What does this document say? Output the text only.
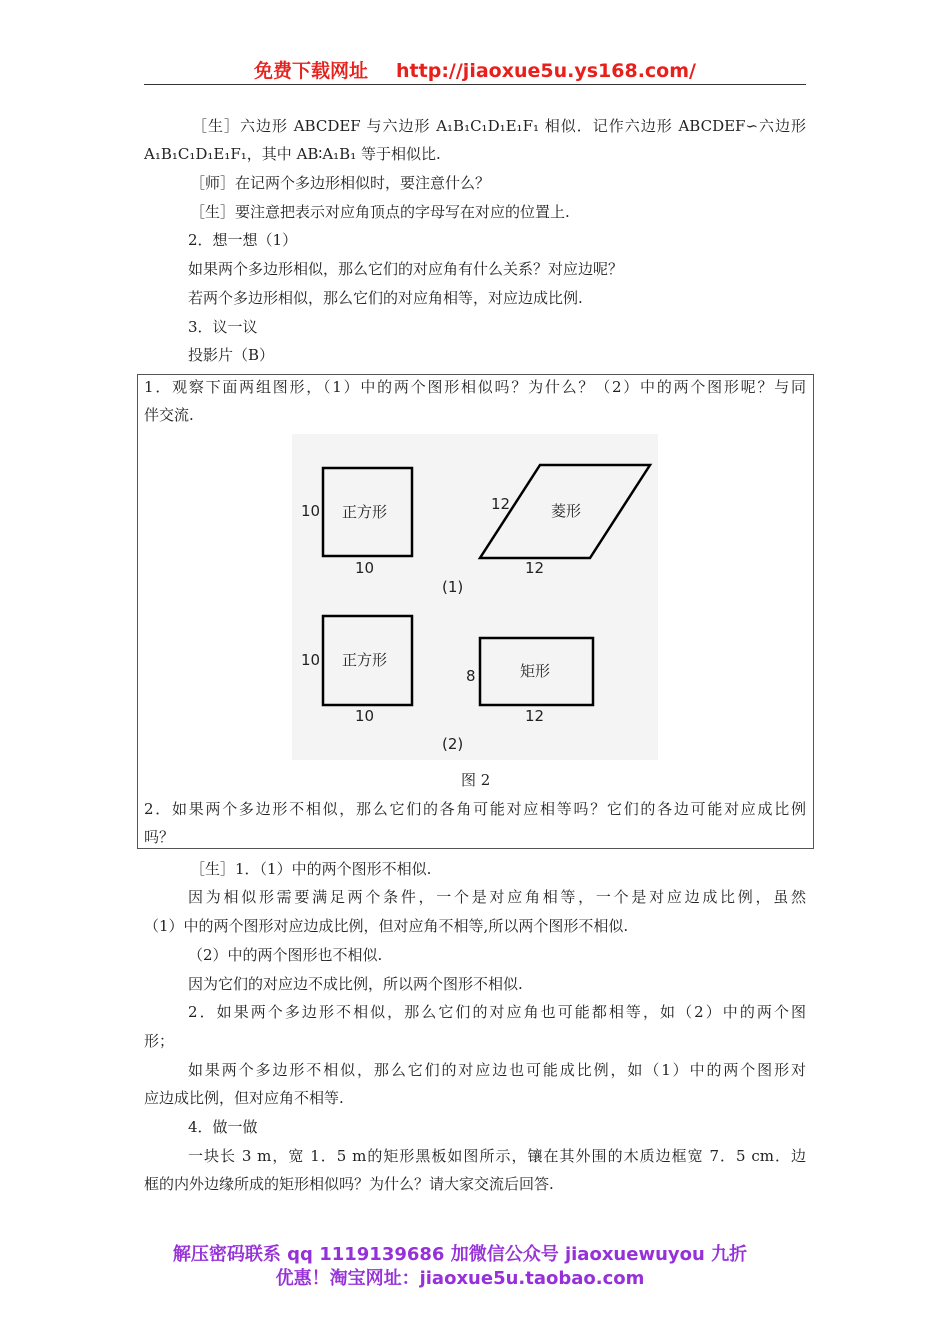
免费下载网址 http://jiaoxue5u.ys168.com/
［生］六边形 ABCDEF 与六边形 A₁B₁C₁D₁E₁F₁ 相似．记作六边形 ABCDEF∽六边形
A₁B₁C₁D₁E₁F₁，其中 AB∶A₁B₁ 等于相似比.
［师］在记两个多边形相似时，要注意什么？
［生］要注意把表示对应角顶点的字母写在对应的位置上.
2．想一想（1）
如果两个多边形相似，那么它们的对应角有什么关系？对应边呢？
若两个多边形相似，那么它们的对应角相等，对应边成比例.
3．议一议
投影片（B）
1．观察下面两组图形，（1）中的两个图形相似吗？为什么？（2）中的两个图形呢？与同
伴交流.
10
10
正方形	12	菱形
12
(1)
10
10
正方形
8	矩形
12
(2)
图 2
2．如果两个多边形不相似，那么它们的各角可能对应相等吗？它们的各边可能对应成比例
吗？
［生］1．（1）中的两个图形不相似.
因为相似形需要满足两个条件，一个是对应角相等，一个是对应边成比例，虽然
（1）中的两个图形对应边成比例，但对应角不相等,所以两个图形不相似.
（2）中的两个图形也不相似.
因为它们的对应边不成比例，所以两个图形不相似.
2．如果两个多边形不相似，那么它们的对应角也可能都相等，如（2）中的两个图
形；
如果两个多边形不相似，那么它们的对应边也可能成比例，如（1）中的两个图形对
应边成比例，但对应角不相等.
4．做一做
一块长 3 m，宽 1．5 m的矩形黑板如图所示，镶在其外围的木质边框宽 7．5 cm．边
框的内外边缘所成的矩形相似吗？为什么？请大家交流后回答.
解压密码联系 qq 1119139686 加微信公众号 jiaoxuewuyou 九折
优惠！淘宝网址：jiaoxue5u.taobao.com
